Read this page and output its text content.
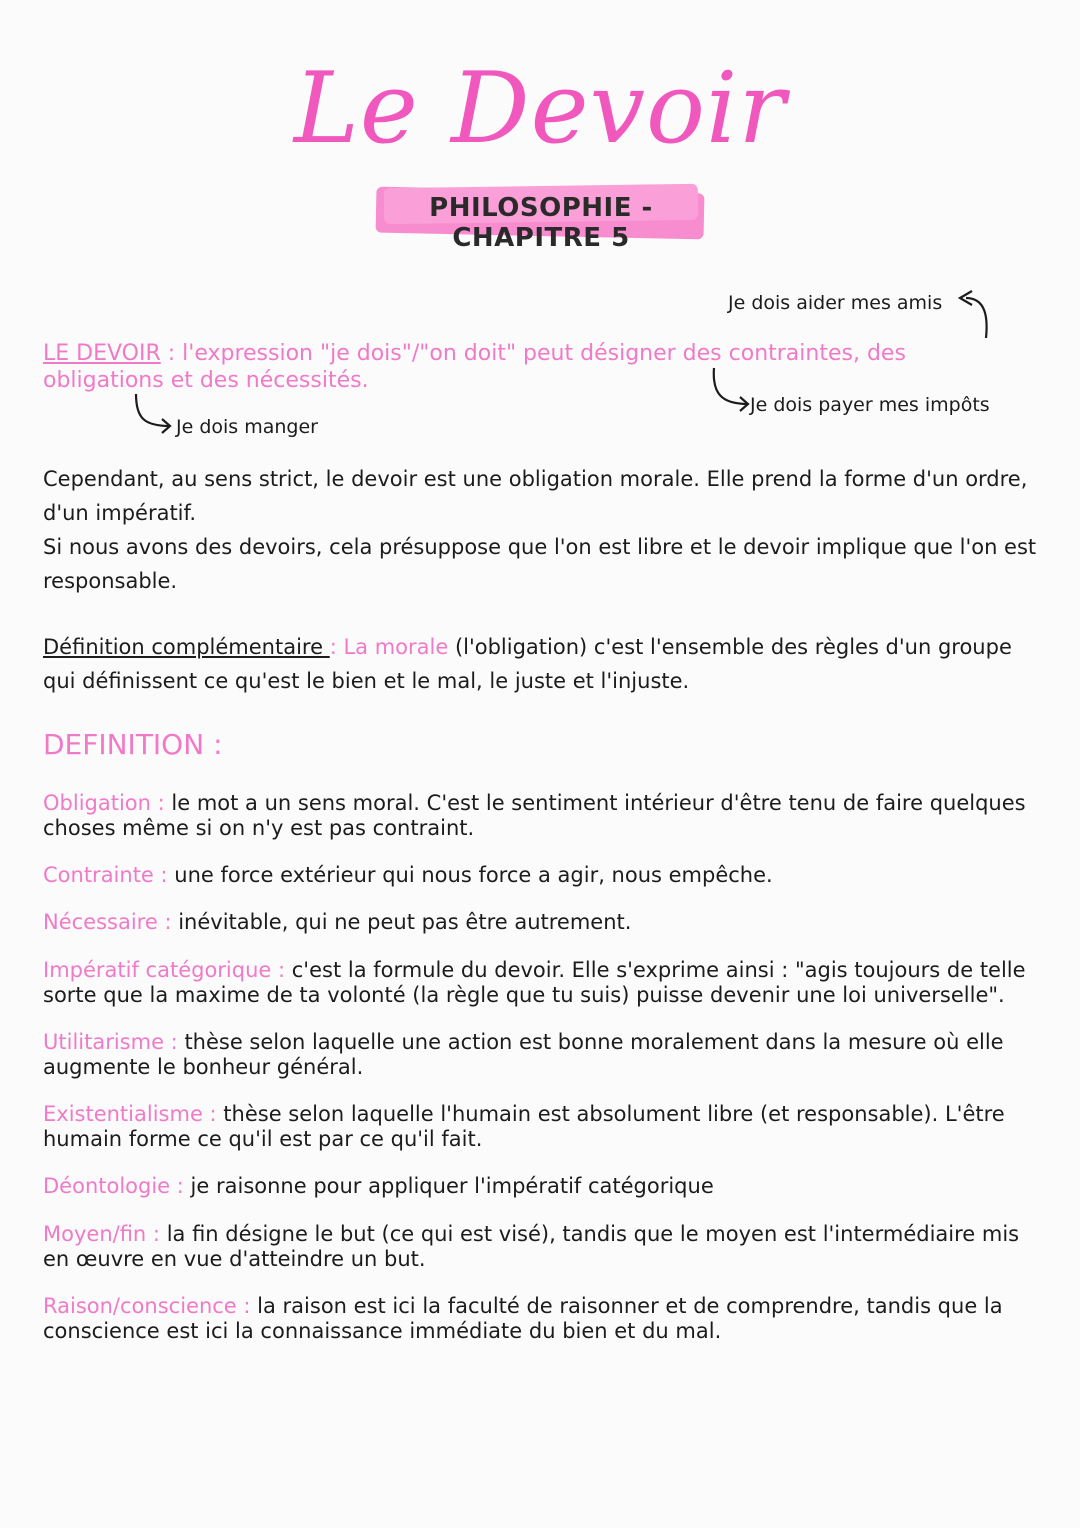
Le Devoir
PHILOSOPHIE - CHAPITRE 5
Je dois aider mes amis
LE DEVOIR : l'expression "je dois"/"on doit" peut désigner des contraintes, des obligations et des nécessités.
Je dois manger
Je dois payer mes impôts
Cependant, au sens strict, le devoir est une obligation morale. Elle prend la forme d'un ordre, d'un impératif.
Si nous avons des devoirs, cela présuppose que l'on est libre et le devoir implique que l'on est responsable.
Définition complémentaire : La morale (l'obligation) c'est l'ensemble des règles d'un groupe qui définissent ce qu'est le bien et le mal, le juste et l'injuste.
DEFINITION :
Obligation : le mot a un sens moral. C'est le sentiment intérieur d'être tenu de faire quelques choses même si on n'y est pas contraint.
Contrainte : une force extérieur qui nous force a agir, nous empêche.
Nécessaire : inévitable, qui ne peut pas être autrement.
Impératif catégorique : c'est la formule du devoir. Elle s'exprime ainsi : "agis toujours de telle sorte que la maxime de ta volonté (la règle que tu suis) puisse devenir une loi universelle".
Utilitarisme : thèse selon laquelle une action est bonne moralement dans la mesure où elle augmente le bonheur général.
Existentialisme : thèse selon laquelle l'humain est absolument libre (et responsable). L'être humain forme ce qu'il est par ce qu'il fait.
Déontologie : je raisonne pour appliquer l'impératif catégorique
Moyen/fin : la fin désigne le but (ce qui est visé), tandis que le moyen est l'intermédiaire mis en œuvre en vue d'atteindre un but.
Raison/conscience : la raison est ici la faculté de raisonner et de comprendre, tandis que la conscience est ici la connaissance immédiate du bien et du mal.
